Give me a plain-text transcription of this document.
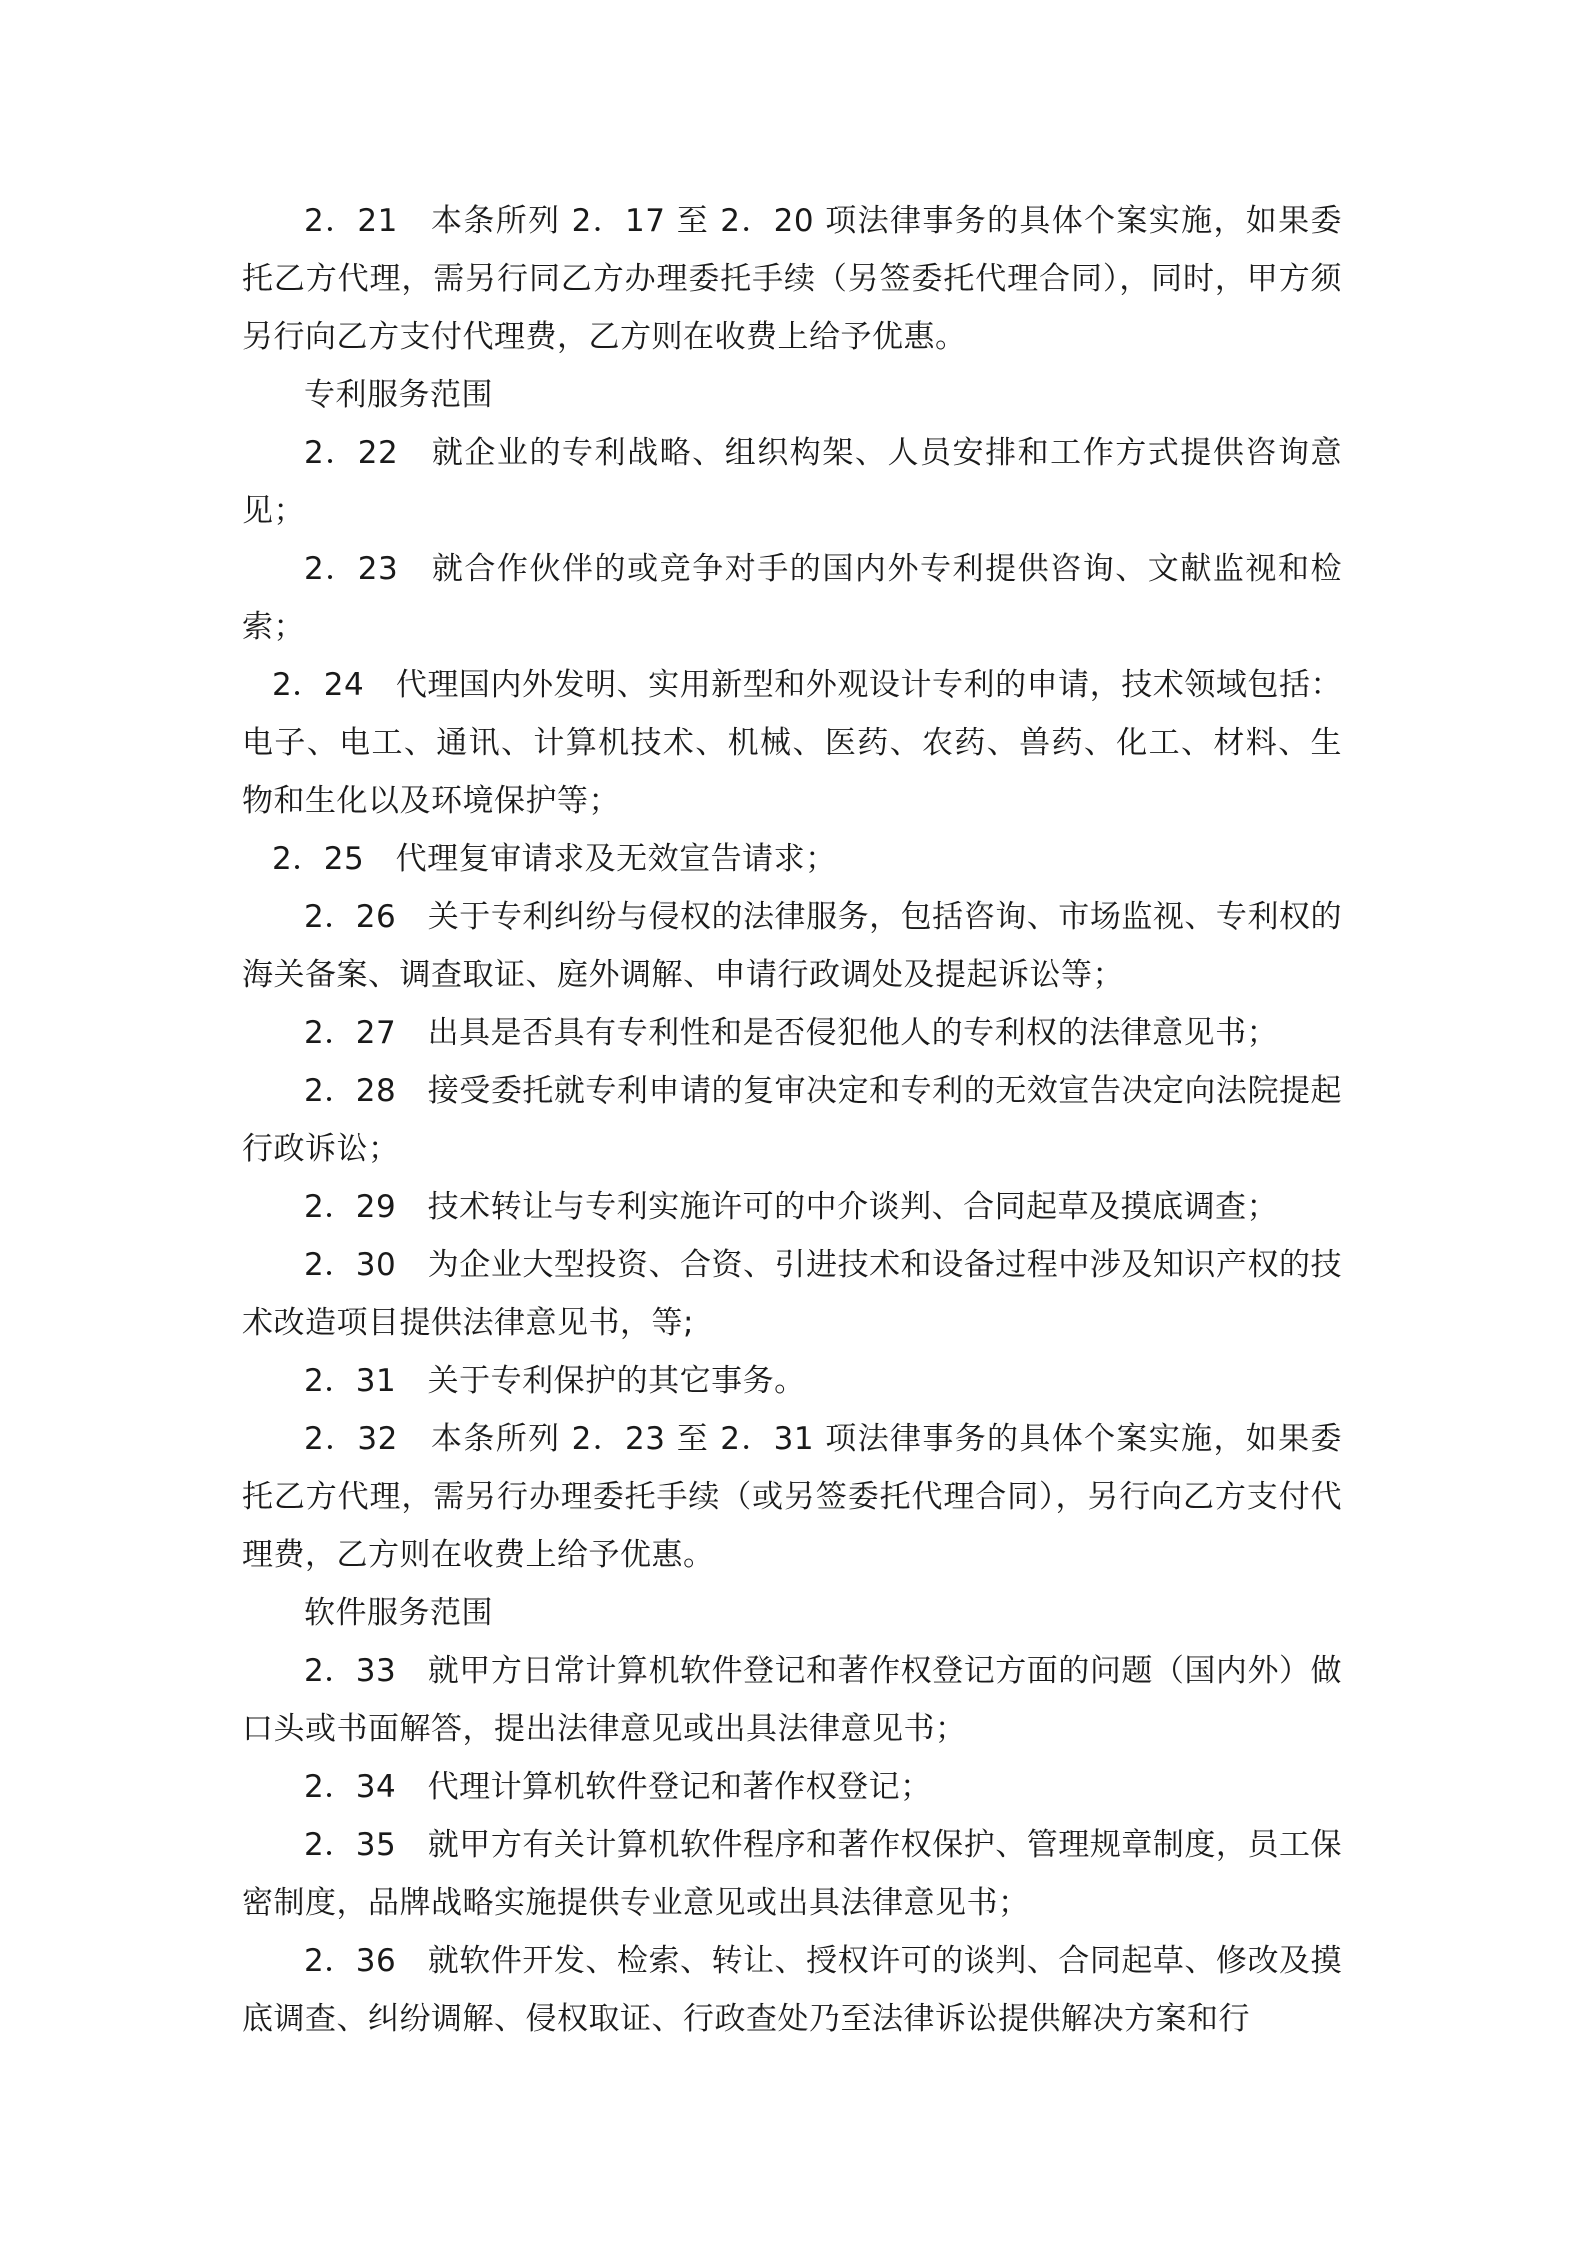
2．21　本条所列 2．17 至 2．20 项法律事务的具体个案实施，如果委托乙方代理，需另行同乙方办理委托手续（另签委托代理合同），同时，甲方须另行向乙方支付代理费，乙方则在收费上给予优惠。

专利服务范围

2．22　就企业的专利战略、组织构架、人员安排和工作方式提供咨询意见；

2．23　就合作伙伴的或竞争对手的国内外专利提供咨询、文献监视和检索；

2．24　代理国内外发明、实用新型和外观设计专利的申请，技术领域包括：电子、电工、通讯、计算机技术、机械、医药、农药、兽药、化工、材料、生物和生化以及环境保护等；

2．25　代理复审请求及无效宣告请求；

2．26　关于专利纠纷与侵权的法律服务，包括咨询、市场监视、专利权的海关备案、调查取证、庭外调解、申请行政调处及提起诉讼等；

2．27　出具是否具有专利性和是否侵犯他人的专利权的法律意见书；

2．28　接受委托就专利申请的复审决定和专利的无效宣告决定向法院提起行政诉讼；

2．29　技术转让与专利实施许可的中介谈判、合同起草及摸底调查；

2．30　为企业大型投资、合资、引进技术和设备过程中涉及知识产权的技术改造项目提供法律意见书，等;

2．31　关于专利保护的其它事务。

2．32　本条所列 2．23 至 2．31 项法律事务的具体个案实施，如果委托乙方代理，需另行办理委托手续（或另签委托代理合同），另行向乙方支付代理费，乙方则在收费上给予优惠。

软件服务范围

2．33　就甲方日常计算机软件登记和著作权登记方面的问题（国内外）做口头或书面解答，提出法律意见或出具法律意见书；

2．34　代理计算机软件登记和著作权登记；

2．35　就甲方有关计算机软件程序和著作权保护、管理规章制度，员工保密制度，品牌战略实施提供专业意见或出具法律意见书；

2．36　就软件开发、检索、转让、授权许可的谈判、合同起草、修改及摸底调查、纠纷调解、侵权取证、行政查处乃至法律诉讼提供解决方案和行
